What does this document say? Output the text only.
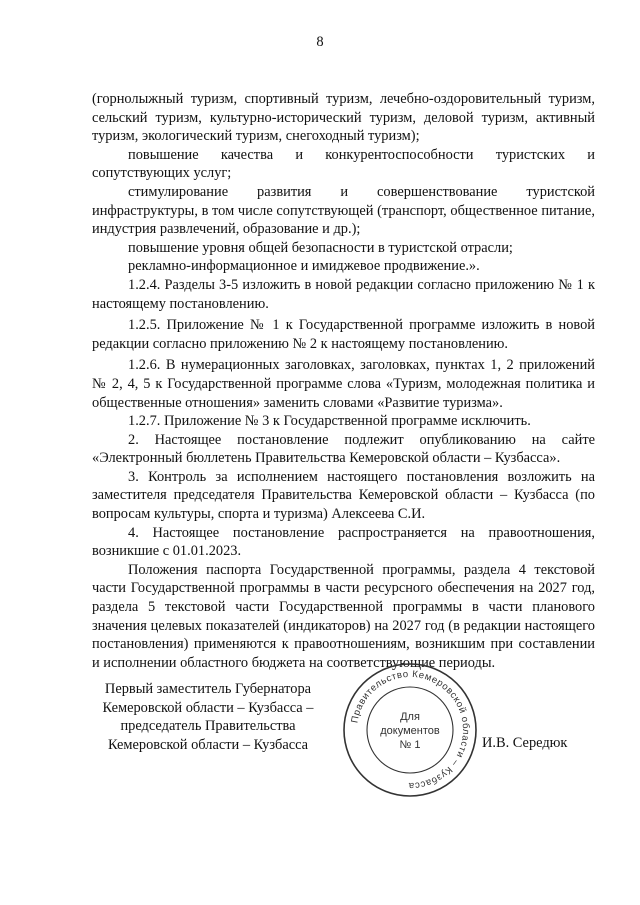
8

(горнолыжный туризм, спортивный туризм, лечебно-оздоровительный туризм, сельский туризм, культурно-исторический туризм, деловой туризм, активный туризм, экологический туризм, снегоходный туризм);

повышение качества и конкурентоспособности туристских и сопутствующих услуг;

стимулирование развития и совершенствование туристской инфраструктуры, в том числе сопутствующей (транспорт, общественное питание, индустрия развлечений, образование и др.);

повышение уровня общей безопасности в туристской отрасли;

рекламно-информационное и имиджевое продвижение.».

1.2.4. Разделы 3-5 изложить в новой редакции согласно приложению № 1 к настоящему постановлению.

1.2.5. Приложение № 1 к Государственной программе изложить в новой редакции согласно приложению № 2 к настоящему постановлению.

1.2.6. В нумерационных заголовках, заголовках, пунктах 1, 2 приложений № 2, 4, 5 к Государственной программе слова «Туризм, молодежная политика и общественные отношения» заменить словами «Развитие туризма».

1.2.7. Приложение № 3 к Государственной программе исключить.

2. Настоящее постановление подлежит опубликованию на сайте «Электронный бюллетень Правительства Кемеровской области – Кузбасса».

3. Контроль за исполнением настоящего постановления возложить на заместителя председателя Правительства Кемеровской области – Кузбасса (по вопросам культуры, спорта и туризма) Алексеева С.И.

4. Настоящее постановление распространяется на правоотношения, возникшие с 01.01.2023.

Положения паспорта Государственной программы, раздела 4 текстовой части Государственной программы в части ресурсного обеспечения на 2027 год, раздела 5 текстовой части Государственной программы в части планового значения целевых показателей (индикаторов) на 2027 год (в редакции настоящего постановления) применяются к правоотношениям, возникшим при составлении и исполнении областного бюджета на соответствующие периоды.

Первый заместитель Губернатора
Кемеровской области – Кузбасса –
председатель Правительства
Кемеровской области – Кузбасса
Правительство Кемеровской области – Кузбасса
Для
документов
№ 1	И.В. Середюк
